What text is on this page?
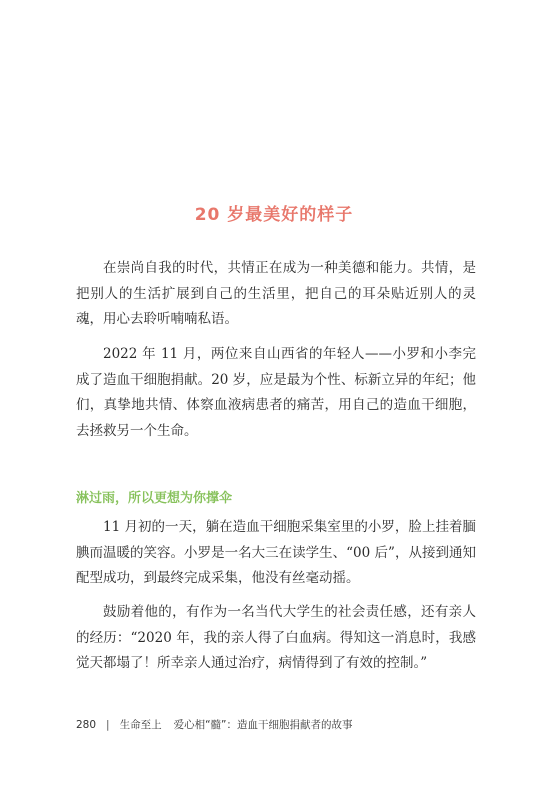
20 岁最美好的样子

在崇尚自我的时代，共情正在成为一种美德和能力。共情，是把别人的生活扩展到自己的生活里，把自己的耳朵贴近别人的灵魂，用心去聆听喃喃私语。

2022 年 11 月，两位来自山西省的年轻人——小罗和小李完成了造血干细胞捐献。20 岁，应是最为个性、标新立异的年纪；他们，真挚地共情、体察血液病患者的痛苦，用自己的造血干细胞，去拯救另一个生命。

淋过雨，所以更想为你撑伞

11 月初的一天，躺在造血干细胞采集室里的小罗，脸上挂着腼腆而温暖的笑容。小罗是一名大三在读学生、“00 后”，从接到通知配型成功，到最终完成采集，他没有丝毫动摇。

鼓励着他的，有作为一名当代大学生的社会责任感，还有亲人的经历：“2020 年，我的亲人得了白血病。得知这一消息时，我感觉天都塌了！所幸亲人通过治疗，病情得到了有效的控制。”

280 | 生命至上 爱心相“髓”：造血干细胞捐献者的故事
